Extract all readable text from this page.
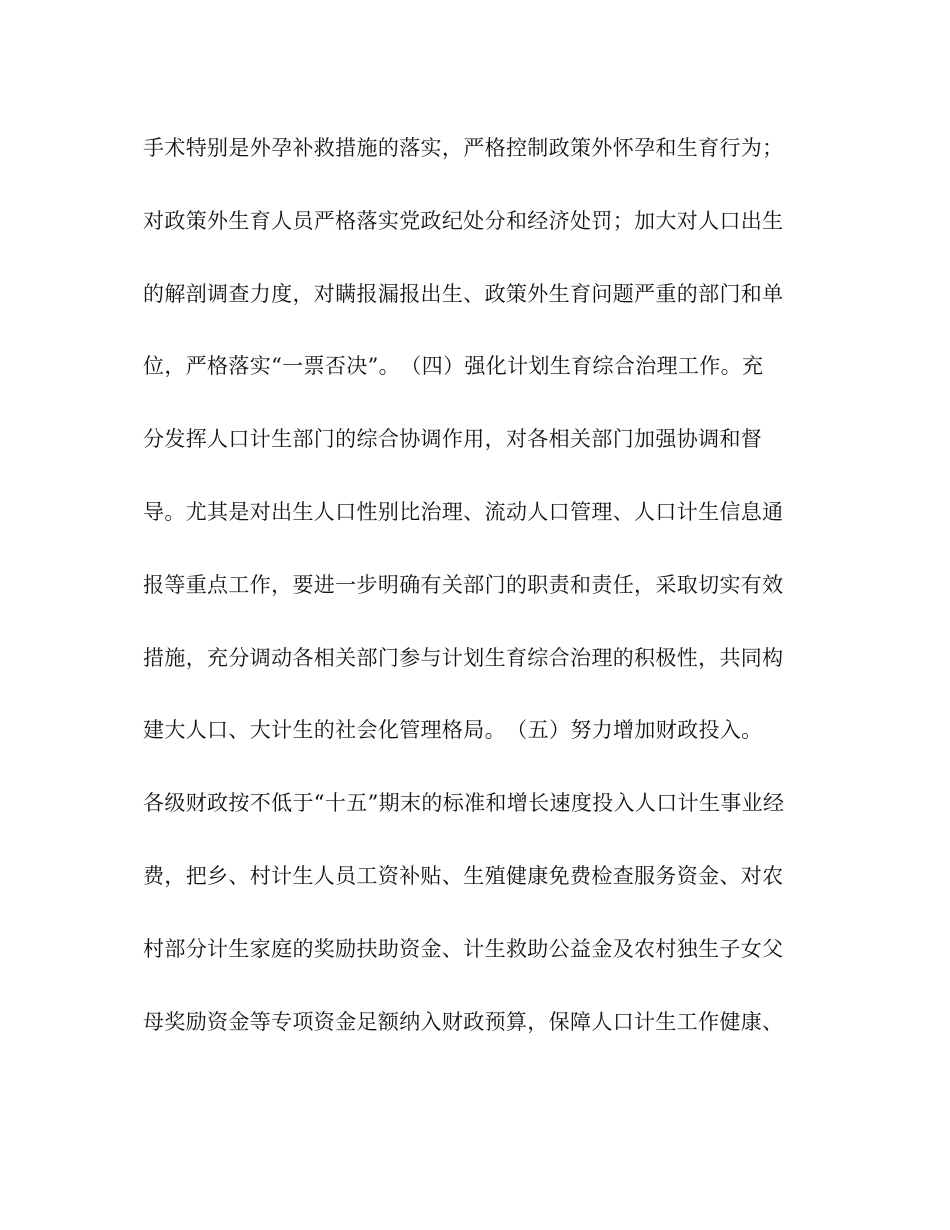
手术特别是外孕补救措施的落实，严格控制政策外怀孕和生育行为；
对政策外生育人员严格落实党政纪处分和经济处罚；加大对人口出生
的解剖调查力度，对瞒报漏报出生、政策外生育问题严重的部门和单
位，严格落实“一票否决”。　（四）强化计划生育综合治理工作。充
分发挥人口计生部门的综合协调作用，对各相关部门加强协调和督
导。尤其是对出生人口性别比治理、流动人口管理、人口计生信息通
报等重点工作，要进一步明确有关部门的职责和责任，采取切实有效
措施，充分调动各相关部门参与计划生育综合治理的积极性，共同构
建大人口、大计生的社会化管理格局。　（五）努力增加财政投入。
各级财政按不低于“十五”期末的标准和增长速度投入人口计生事业经
费，把乡、村计生人员工资补贴、生殖健康免费检查服务资金、对农
村部分计生家庭的奖励扶助资金、计生救助公益金及农村独生子女父
母奖励资金等专项资金足额纳入财政预算，保障人口计生工作健康、
